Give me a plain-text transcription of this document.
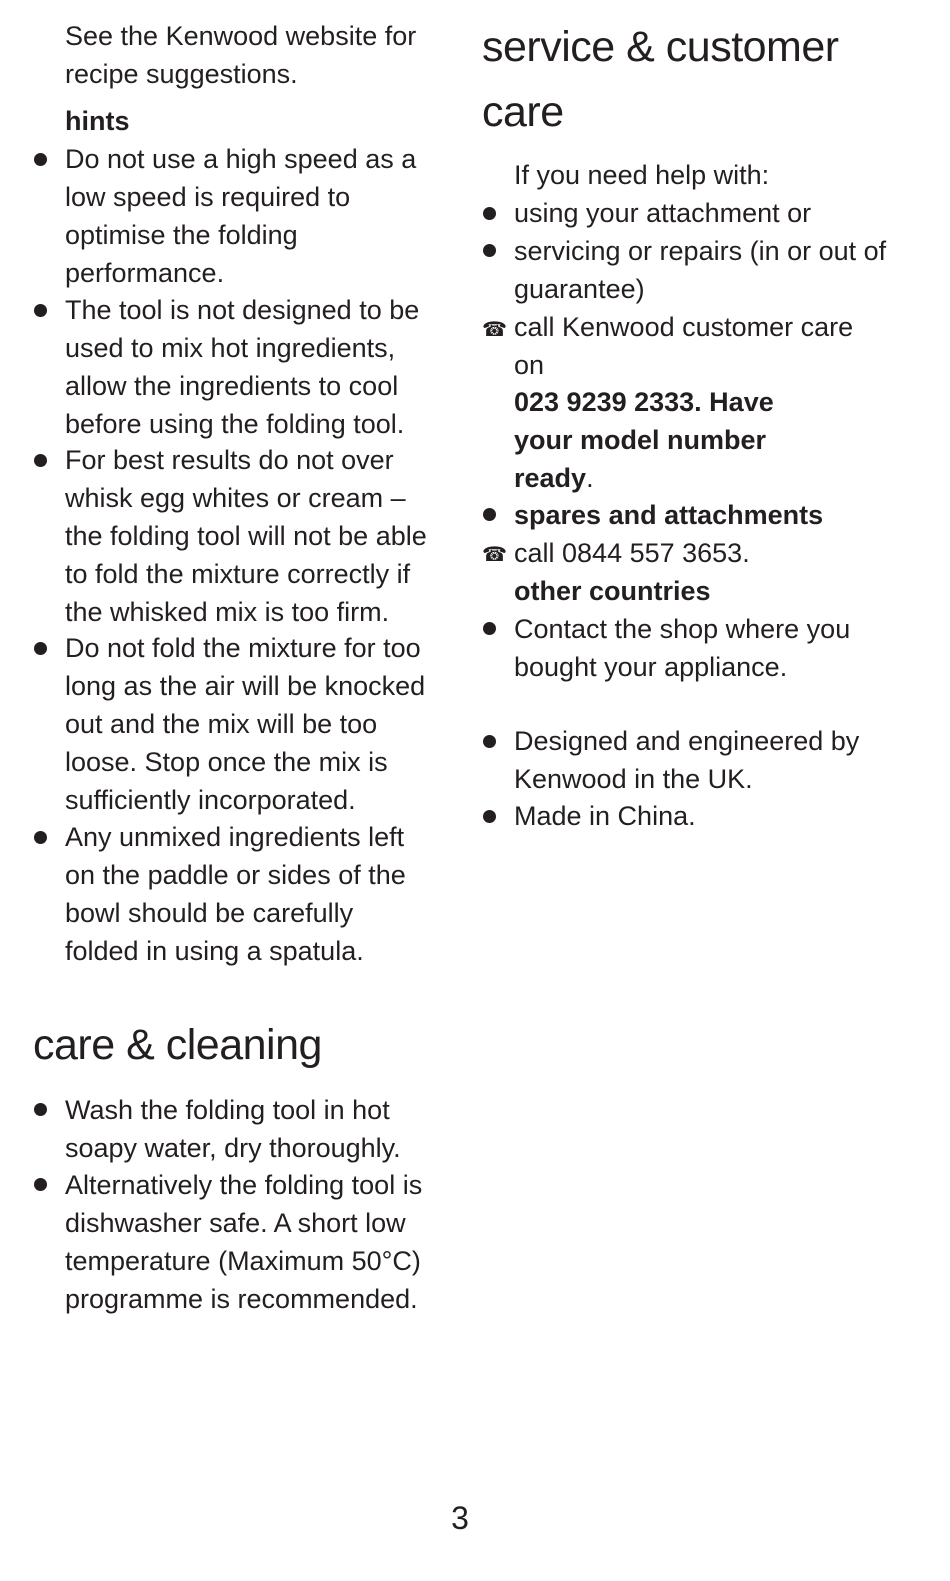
See the Kenwood website for
recipe suggestions.
hints
Do not use a high speed as a
low speed is required to
optimise the folding
performance.
The tool is not designed to be
used to mix hot ingredients,
allow the ingredients to cool
before using the folding tool.
For best results do not over
whisk egg whites or cream –
the folding tool will not be able
to fold the mixture correctly if
the whisked mix is too firm.
Do not fold the mixture for too
long as the air will be knocked
out and the mix will be too
loose. Stop once the mix is
sufficiently incorporated.
Any unmixed ingredients left
on the paddle or sides of the
bowl should be carefully
folded in using a spatula.
care & cleaning
Wash the folding tool in hot
soapy water, dry thoroughly.
Alternatively the folding tool is
dishwasher safe. A short low
temperature (Maximum 50°C)
programme is recommended.
service & customer
care
If you need help with:
using your attachment or
servicing or repairs (in or out of
guarantee)
☎ call Kenwood customer care
on
023 9239 2333. Have
your model number
ready.
spares and attachments
☎ call 0844 557 3653.
other countries
Contact the shop where you
bought your appliance.
Designed and engineered by
Kenwood in the UK.
Made in China.
3
